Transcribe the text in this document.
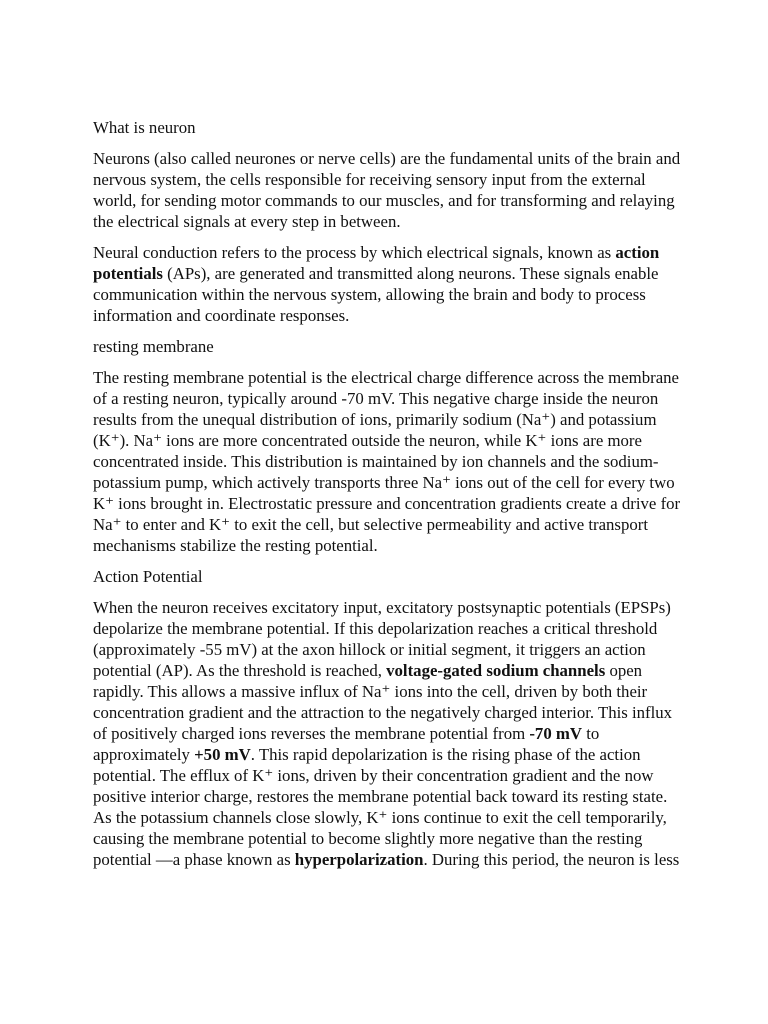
What is neuron

Neurons (also called neurones or nerve cells) are the fundamental units of the brain and nervous system, the cells responsible for receiving sensory input from the external world, for sending motor commands to our muscles, and for transforming and relaying the electrical signals at every step in between.

Neural conduction refers to the process by which electrical signals, known as action potentials (APs), are generated and transmitted along neurons. These signals enable communication within the nervous system, allowing the brain and body to process information and coordinate responses.

resting membrane

The resting membrane potential is the electrical charge difference across the membrane of a resting neuron, typically around -70 mV. This negative charge inside the neuron results from the unequal distribution of ions, primarily sodium (Na⁺) and potassium (K⁺). Na⁺ ions are more concentrated outside the neuron, while K⁺ ions are more concentrated inside. This distribution is maintained by ion channels and the sodium-potassium pump, which actively transports three Na⁺ ions out of the cell for every two K⁺ ions brought in. Electrostatic pressure and concentration gradients create a drive for Na⁺ to enter and K⁺ to exit the cell, but selective permeability and active transport mechanisms stabilize the resting potential.

Action Potential

When the neuron receives excitatory input, excitatory postsynaptic potentials (EPSPs) depolarize the membrane potential. If this depolarization reaches a critical threshold (approximately -55 mV) at the axon hillock or initial segment, it triggers an action potential (AP). As the threshold is reached, voltage-gated sodium channels open rapidly. This allows a massive influx of Na⁺ ions into the cell, driven by both their concentration gradient and the attraction to the negatively charged interior. This influx of positively charged ions reverses the membrane potential from -70 mV to approximately +50 mV. This rapid depolarization is the rising phase of the action potential. The efflux of K⁺ ions, driven by their concentration gradient and the now positive interior charge, restores the membrane potential back toward its resting state. As the potassium channels close slowly, K⁺ ions continue to exit the cell temporarily, causing the membrane potential to become slightly more negative than the resting potential —a phase known as hyperpolarization. During this period, the neuron is less
